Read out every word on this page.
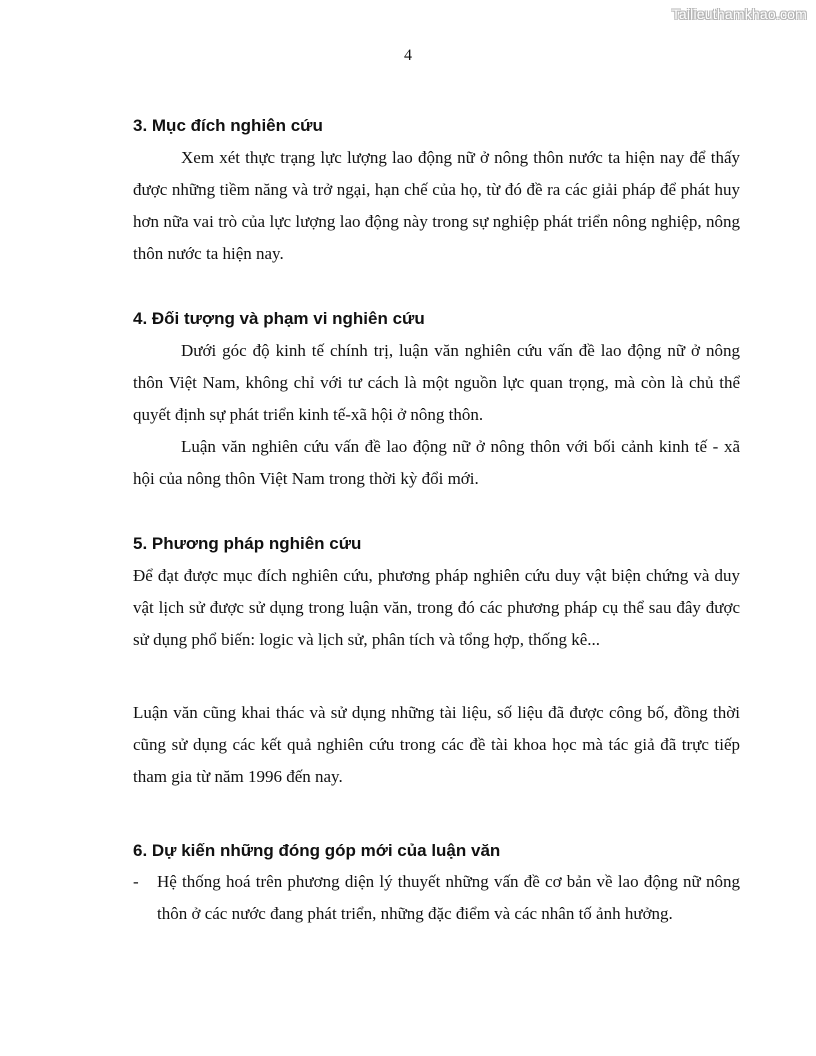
Tailieuthamkhao.com
4
3. Mục đích nghiên cứu
Xem xét thực trạng lực lượng lao động nữ ở nông thôn nước ta hiện nay để thấy được những tiềm năng và trở ngại, hạn chế của họ, từ đó đề ra các giải pháp để phát huy hơn nữa vai trò của lực lượng lao động này trong sự nghiệp phát triển nông nghiệp, nông thôn nước ta hiện nay.
4. Đối tượng và phạm vi nghiên cứu
Dưới góc độ kinh tế chính trị, luận văn nghiên cứu vấn đề lao động nữ ở nông thôn Việt Nam, không chỉ với tư cách là một nguồn lực quan trọng, mà còn là chủ thể quyết định sự phát triển kinh tế-xã hội ở nông thôn.
Luận văn nghiên cứu vấn đề lao động nữ ở nông thôn với bối cảnh kinh tế - xã hội của nông thôn Việt Nam trong thời kỳ đổi mới.
5. Phương pháp nghiên cứu
Để đạt được mục đích nghiên cứu, phương pháp nghiên cứu duy vật biện chứng và duy vật lịch sử được sử dụng trong luận văn, trong đó các phương pháp cụ thể sau đây được sử dụng phổ biến: logic và lịch sử, phân tích và tổng hợp, thống kê...
Luận văn cũng khai thác và sử dụng những tài liệu, số liệu đã được công bố, đồng thời cũng sử dụng các kết quả nghiên cứu trong các đề tài khoa học mà tác giả đã trực tiếp tham gia từ năm 1996 đến nay.
6. Dự kiến những đóng góp mới của luận văn
- Hệ thống hoá trên phương diện lý thuyết những vấn đề cơ bản về lao động nữ nông thôn ở các nước đang phát triển, những đặc điểm và các nhân tố ảnh hưởng.
